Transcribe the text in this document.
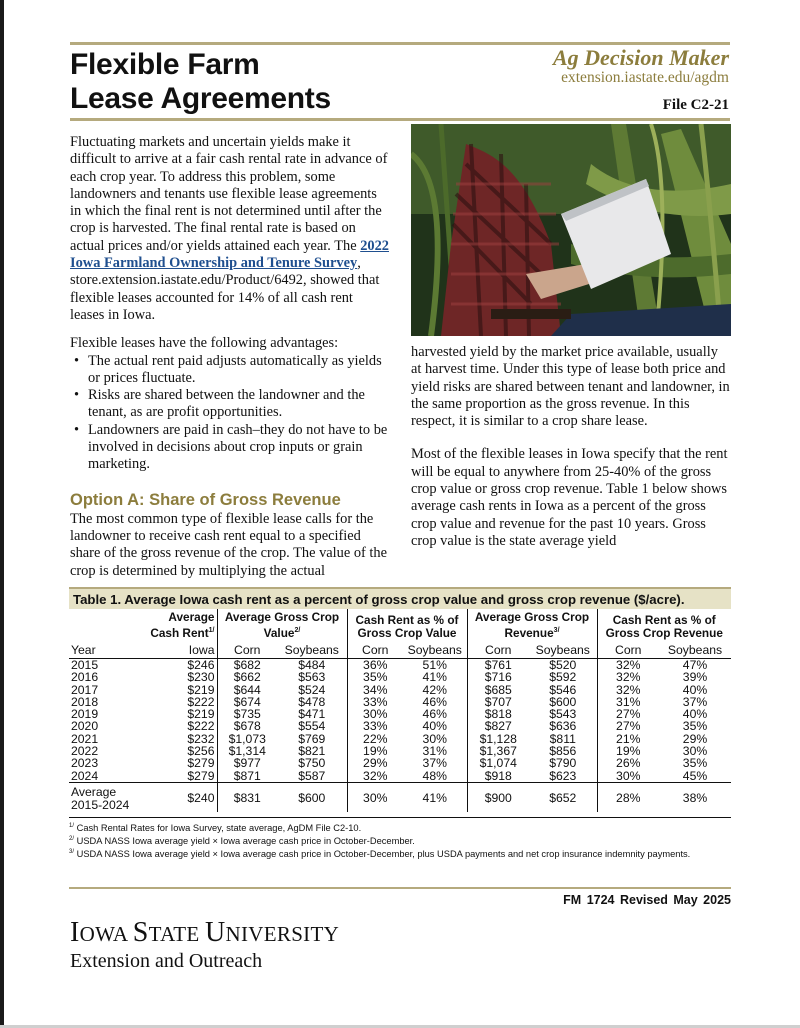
Flexible Farm
Lease Agreements
Ag Decision Maker
extension.iastate.edu/agdm
File C2-21

Fluctuating markets and uncertain yields make it difficult to arrive at a fair cash rental rate in advance of each crop year. To address this problem, some landowners and tenants use flexible lease agreements in which the final rent is not determined until after the crop is harvested. The final rental rate is based on actual prices and/or yields attained each year. The 2022 Iowa Farmland Ownership and Tenure Survey, store.extension.iastate.edu/Product/6492, showed that flexible leases accounted for 14% of all cash rent leases in Iowa.

Flexible leases have the following advantages:

• The actual rent paid adjusts automatically as yields or prices fluctuate.
• Risks are shared between the landowner and the tenant, as are profit opportunities.
• Landowners are paid in cash–they do not have to be involved in decisions about crop inputs or grain marketing.
Option A: Share of Gross Revenue

The most common type of flexible lease calls for the landowner to receive cash rent equal to a specified share of the gross revenue of the crop. The value of the crop is determined by multiplying the actual

harvested yield by the market price available, usually at harvest time. Under this type of lease both price and yield risks are shared between tenant and landowner, in the same proportion as the gross revenue. In this respect, it is similar to a crop share lease.

Most of the flexible leases in Iowa specify that the rent will be equal to anywhere from 25-40% of the gross crop value or gross crop revenue. Table 1 below shows average cash rents in Iowa as a percent of the gross crop value and revenue for the past 10 years. Gross crop value is the state average yield

Table 1. Average Iowa cash rent as a percent of gross crop value and gross crop revenue ($/acre).
	Average Cash Rent$^{1/}$	Average Gross Crop Value$^{2/}$		Cash Rent as % of Gross Crop Value		Average Gross Crop Revenue$^{3/}$		Cash Rent as % of Gross Crop Revenue	
Year	Iowa	Corn	Soybeans	Corn	Soybeans	Corn	Soybeans	Corn	Soybeans
2015	$246	$682	$484	36%	51%	$761	$520	32%	47%
2016	$230	$662	$563	35%	41%	$716	$592	32%	39%
2017	$219	$644	$524	34%	42%	$685	$546	32%	40%
2018	$222	$674	$478	33%	46%	$707	$600	31%	37%
2019	$219	$735	$471	30%	46%	$818	$543	27%	40%
2020	$222	$678	$554	33%	40%	$827	$636	27%	35%
2021	$232	$1,073	$769	22%	30%	$1,128	$811	21%	29%
2022	$256	$1,314	$821	19%	31%	$1,367	$856	19%	30%
2023	$279	$977	$750	29%	37%	$1,074	$790	26%	35%
2024	$279	$871	$587	32%	48%	$918	$623	30%	45%

Average
2015-2024	$240	$831	$600	30%	41%	$900	$652	28%	38%
$^{1/}$ Cash Rental Rates for Iowa Survey, state average, AgDM File C2-10.
$^{2/}$ USDA NASS Iowa average yield × Iowa average cash price in October-December.
$^{3/}$ USDA NASS Iowa average yield × Iowa average cash price in October-December, plus USDA payments and net crop insurance indemnity payments.
FM 1724 Revised May 2025
IOWA STATE UNIVERSITY
Extension and Outreach
